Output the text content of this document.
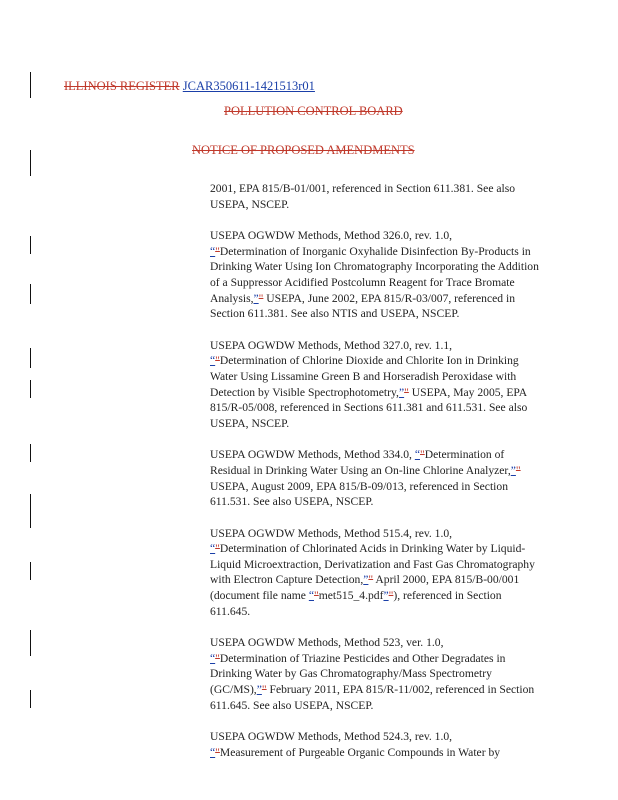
ILLINOIS REGISTER JCAR350611-1421513r01
POLLUTION CONTROL BOARD
NOTICE OF PROPOSED AMENDMENTS

2001, EPA 815/B-01/001, referenced in Section 611.381. See also USEPA, NSCEP.

USEPA OGWDW Methods, Method 326.0, rev. 1.0,
“"Determination of Inorganic Oxyhalide Disinfection By-Products in Drinking Water Using Ion Chromatography Incorporating the Addition of a Suppressor Acidified Postcolumn Reagent for Trace Bromate Analysis,”" USEPA, June 2002, EPA 815/R-03/007, referenced in Section 611.381. See also NTIS and USEPA, NSCEP.

USEPA OGWDW Methods, Method 327.0, rev. 1.1,
“"Determination of Chlorine Dioxide and Chlorite Ion in Drinking Water Using Lissamine Green B and Horseradish Peroxidase with Detection by Visible Spectrophotometry,”" USEPA, May 2005, EPA 815/R-05/008, referenced in Sections 611.381 and 611.531. See also USEPA, NSCEP.

USEPA OGWDW Methods, Method 334.0, “"Determination of Residual in Drinking Water Using an On-line Chlorine Analyzer,”" USEPA, August 2009, EPA 815/B-09/013, referenced in Section 611.531. See also USEPA, NSCEP.

USEPA OGWDW Methods, Method 515.4, rev. 1.0,
“"Determination of Chlorinated Acids in Drinking Water by Liquid-Liquid Microextraction, Derivatization and Fast Gas Chromatography with Electron Capture Detection,”" April 2000, EPA 815/B-00/001 (document file name “"met515_4.pdf”"), referenced in Section 611.645.

USEPA OGWDW Methods, Method 523, ver. 1.0,
“"Determination of Triazine Pesticides and Other Degradates in Drinking Water by Gas Chromatography/Mass Spectrometry (GC/MS),”" February 2011, EPA 815/R-11/002, referenced in Section 611.645. See also USEPA, NSCEP.

USEPA OGWDW Methods, Method 524.3, rev. 1.0,
“"Measurement of Purgeable Organic Compounds in Water by
